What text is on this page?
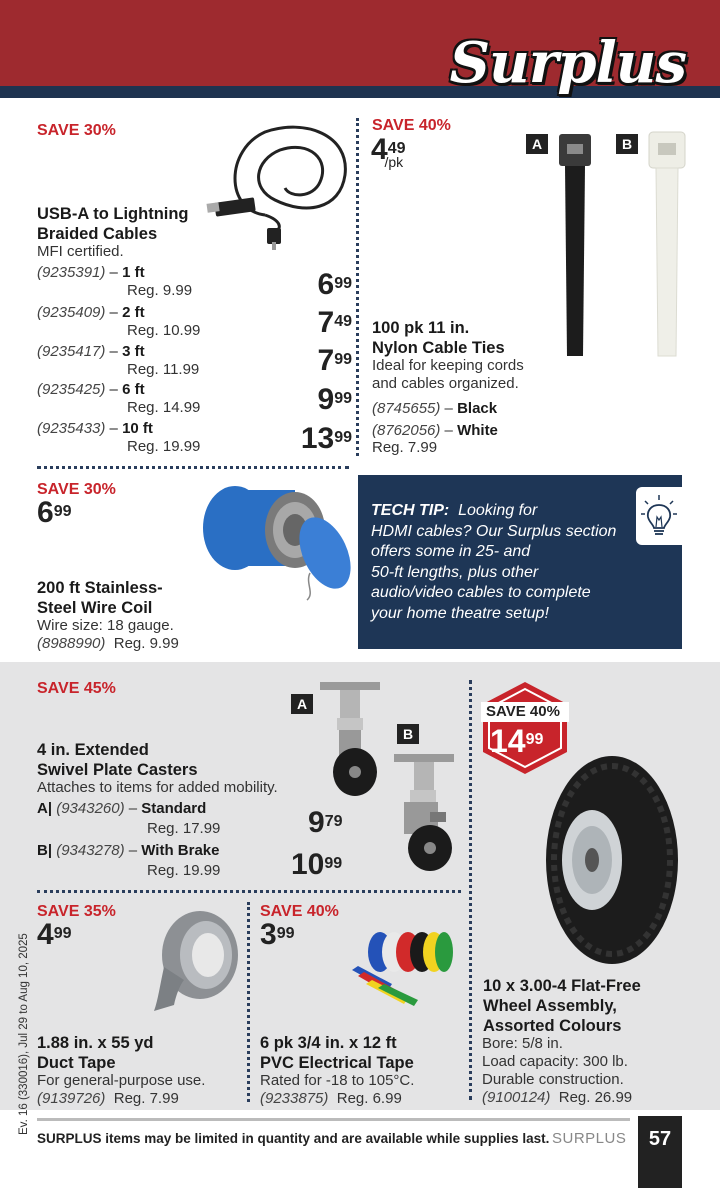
Surplus
SAVE 30%
USB-A to Lightning
Braided Cables
MFI certified.
(9235391) – 1 ft
Reg. 9.99	$6^{99}$
(9235409) – 2 ft
Reg. 10.99	$7^{49}$
(9235417) – 3 ft
Reg. 11.99	$7^{99}$
(9235425) – 6 ft
Reg. 14.99	$9^{99}$
(9235433) – 10 ft
Reg. 19.99	$13^{99}$
SAVE 40%
$4^{49}_{/pk}$
A	B
100 pk 11 in.
Nylon Cable Ties
Ideal for keeping cords
and cables organized.
(8745655) – Black
(8762056) – White
Reg. 7.99
SAVE 30%
$6^{99}$
200 ft Stainless-
Steel Wire Coil
Wire size: 18 gauge.
(8988990) Reg. 9.99
TECH TIP: Looking for
HDMI cables? Our Surplus section
offers some in 25- and
50-ft lengths, plus other
audio/video cables to complete
your home theatre setup!
SAVE 45%
4 in. Extended
Swivel Plate Casters
Attaches to items for added mobility.
A| (9343260) – Standard
Reg. 17.99	$9^{79}$
B| (9343278) – With Brake
Reg. 19.99 $10^{99}$
A
B
SAVE 40%
$14^{99}$
10 x 3.00-4 Flat-Free
Wheel Assembly,
Assorted Colours
Bore: 5/8 in.
Load capacity: 300 lb.
Durable construction.
(9100124) Reg. 26.99
SAVE 35%
$4^{99}$
1.88 in. x 55 yd
Duct Tape
For general-purpose use.
(9139726) Reg. 7.99
SAVE 40%
$3^{99}$
6 pk 3/4 in. x 12 ft
PVC Electrical Tape
Rated for -18 to 105°C.
(9233875) Reg. 6.99
SURPLUS items may be limited in quantity and are available while supplies last. SURPLUS	57
Ev. 16 (330016), Jul 29 to Aug 10, 2025
